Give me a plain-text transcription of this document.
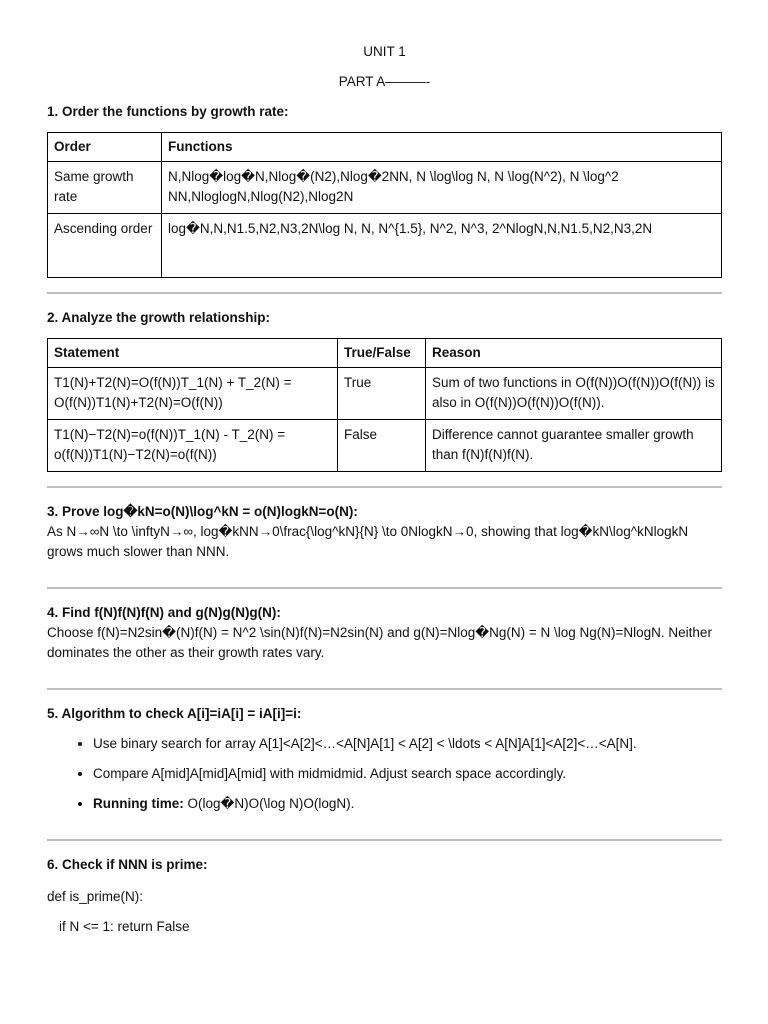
UNIT 1
PART A———-
1. Order the functions by growth rate:
Order	Functions
Same growth rate	N,Nlog�log�N,Nlog�(N2),Nlog�2NN, N \log\log N, N \log(N^2), N \log^2 NN,NloglogN,Nlog(N2),Nlog2N
Ascending order	log�N,N,N1.5,N2,N3,2N\log N, N, N^{1.5}, N^2, N^3, 2^NlogN,N,N1.5,N2,N3,2N
2. Analyze the growth relationship:
Statement	True/False	Reason
T1(N)+T2(N)=O(f(N))T_1(N) + T_2(N) = O(f(N))T1(N)+T2(N)=O(f(N))	True	Sum of two functions in O(f(N))O(f(N))O(f(N)) is also in O(f(N))O(f(N))O(f(N)).
T1(N)−T2(N)=o(f(N))T_1(N) - T_2(N) = o(f(N))T1(N)−T2(N)=o(f(N))	False	Difference cannot guarantee smaller growth than f(N)f(N)f(N).
3. Prove log�kN=o(N)\log^kN = o(N)logkN=o(N):

As N→∞N \to \inftyN→∞, log�kNN→0\frac{\log^kN}{N} \to 0NlogkN→0, showing that log�kN\log^kNlogkN grows much slower than NNN.

4. Find f(N)f(N)f(N) and g(N)g(N)g(N):

Choose f(N)=N2sin�(N)f(N) = N^2 \sin(N)f(N)=N2sin(N) and g(N)=Nlog�Ng(N) = N \log Ng(N)=NlogN. Neither dominates the other as their growth rates vary.

5. Algorithm to check A[i]=iA[i] = iA[i]=i:
• Use binary search for array A[1]<A[2]<…<A[N]A[1] < A[2] < \ldots < A[N]A[1]<A[2]<…<A[N].
• Compare A[mid]A[mid]A[mid] with midmidmid. Adjust search space accordingly.
• Running time: O(log�N)O(\log N)O(logN).
6. Check if NNN is prime:
def is_prime(N):
if N <= 1: return False
